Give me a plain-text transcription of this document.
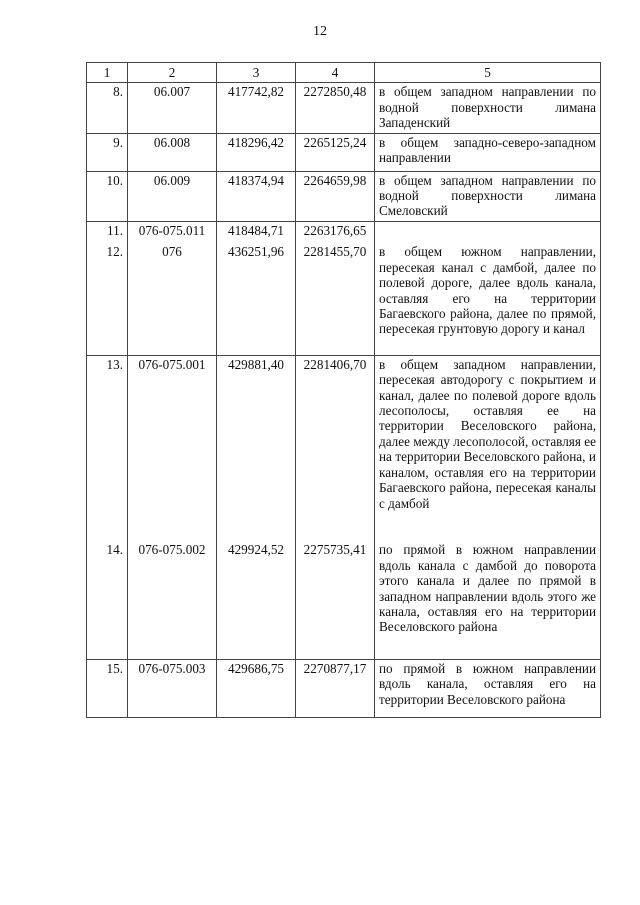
12
1	2	3	4	5
8.	06.007	417742,82	2272850,48	в общем западном направлении по водной поверхности лимана Западенский
9.	06.008	418296,42	2265125,24	в общем западно-северо-западном направлении
10.	06.009	418374,94	2264659,98	в общем западном направлении по водной поверхности лимана Смеловский
11.	076-075.011	418484,71	2263176,65	
12.	076	436251,96	2281455,70	в общем южном направлении, пересекая канал с дамбой, далее по полевой дороге, далее вдоль канала, оставляя его на территории Багаевского района, далее по прямой, пересекая грунтовую дорогу и канал
13.	076-075.001	429881,40	2281406,70	в общем западном направлении, пересекая автодорогу с покрытием и канал, далее по полевой дороге вдоль лесополосы, оставляя ее на территории Веселовского района, далее между лесополосой, оставляя ее на территории Веселовского района, и каналом, оставляя его на территории Багаевского района, пересекая каналы с дамбой
14.	076-075.002	429924,52	2275735,41	по прямой в южном направлении вдоль канала с дамбой до поворота этого канала и далее по прямой в западном направлении вдоль этого же канала, оставляя его на территории Веселовского района
15.	076-075.003	429686,75	2270877,17	по прямой в южном направлении вдоль канала, оставляя его на территории Веселовского района
